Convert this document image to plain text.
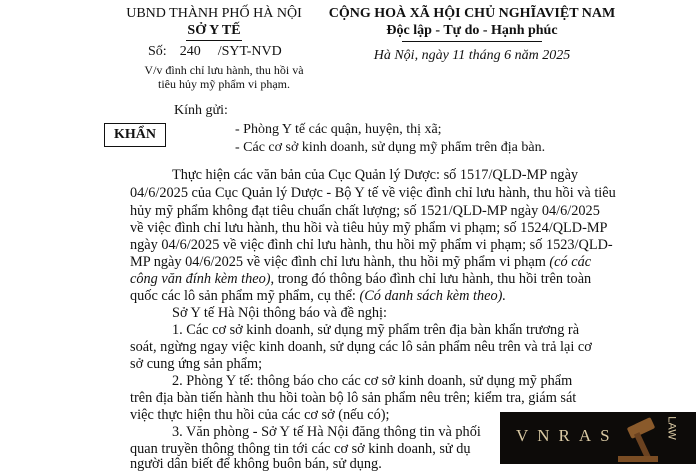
UBND THÀNH PHỐ HÀ NỘI
SỞ Y TẾ
Số: 240 /SYT-NVD
V/v đình chỉ lưu hành, thu hồi và
tiêu hủy mỹ phẩm vi phạm.
CỘNG HOÀ XÃ HỘI CHỦ NGHĨAVIỆT NAM
Độc lập - Tự do - Hạnh phúc
Hà Nội, ngày 11 tháng 6 năm 2025
Kính gửi:
KHẨN	- Phòng Y tế các quận, huyện, thị xã;
- Các cơ sở kinh doanh, sử dụng mỹ phẩm trên địa bàn.
Thực hiện các văn bản của Cục Quản lý Dược: số 1517/QLD-MP ngày
04/6/2025 của Cục Quản lý Dược - Bộ Y tế về việc đình chỉ lưu hành, thu hồi và tiêu
hủy mỹ phẩm không đạt tiêu chuẩn chất lượng; số 1521/QLD-MP ngày 04/6/2025
về việc đình chỉ lưu hành, thu hồi và tiêu hủy mỹ phẩm vi phạm; số 1524/QLD-MP
ngày 04/6/2025 về việc đình chỉ lưu hành, thu hồi mỹ phẩm vi phạm; số 1523/QLD-
MP ngày 04/6/2025 về việc đình chỉ lưu hành, thu hồi mỹ phẩm vi phạm (có các
công văn đính kèm theo), trong đó thông báo đình chỉ lưu hành, thu hồi trên toàn
quốc các lô sản phẩm mỹ phẩm, cụ thể: (Có danh sách kèm theo).
Sở Y tế Hà Nội thông báo và đề nghị:
1. Các cơ sở kinh doanh, sử dụng mỹ phẩm trên địa bàn khẩn trương rà
soát, ngừng ngay việc kinh doanh, sử dụng các lô sản phẩm nêu trên và trả lại cơ
sở cung ứng sản phẩm;
2. Phòng Y tế: thông báo cho các cơ sở kinh doanh, sử dụng mỹ phẩm
trên địa bàn tiến hành thu hồi toàn bộ lô sản phẩm nêu trên; kiểm tra, giám sát
việc thực hiện thu hồi của các cơ sở (nếu có);
3. Văn phòng - Sở Y tế Hà Nội đăng thông tin và phối
quan truyền thông thông tin tới các cơ sở kinh doanh, sử dụ
người dân biết để không buôn bán, sử dụng.
VNRAS	LAW
